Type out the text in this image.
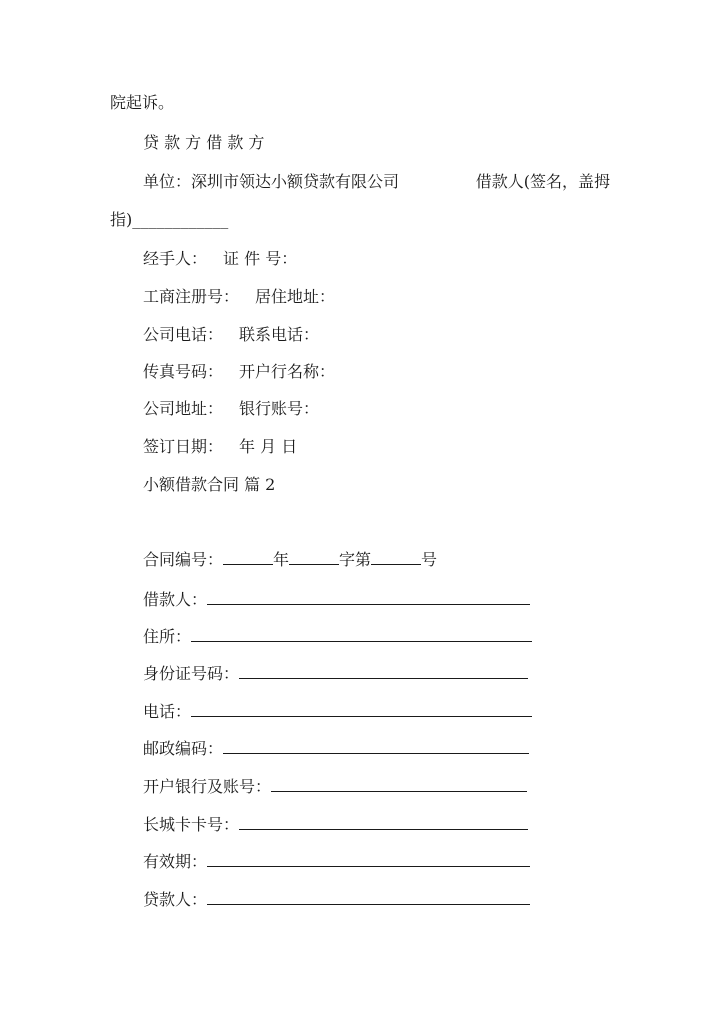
院起诉。
贷 款 方 借 款 方
单位：深圳市领达小额贷款有限公司	借款人(签名，盖拇
指)____________
经手人： 证 件 号：
工商注册号： 居住地址：
公司电话： 联系电话：
传真号码： 开户行名称：
公司地址： 银行账号：
签订日期： 年 月 日
小额借款合同 篇 2
合同编号：	年	字第	号
借款人：
住所：
身份证号码：
电话：
邮政编码：
开户银行及账号：
长城卡卡号：
有效期：
贷款人：
